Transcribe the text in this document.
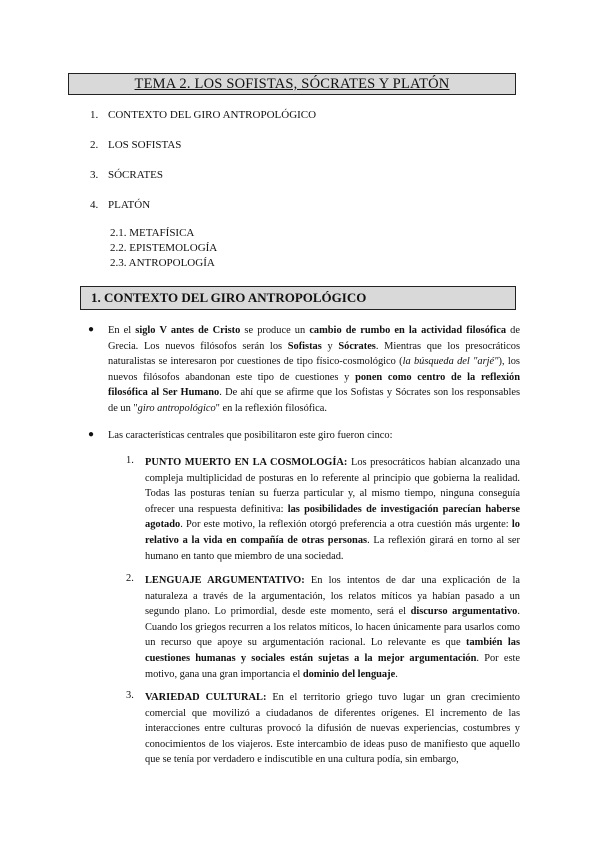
TEMA 2. LOS SOFISTAS, SÓCRATES Y PLATÓN
1. CONTEXTO DEL GIRO ANTROPOLÓGICO
2. LOS SOFISTAS
3. SÓCRATES
4. PLATÓN
2.1. METAFÍSICA
2.2. EPISTEMOLOGÍA
2.3. ANTROPOLOGÍA
1. CONTEXTO DEL GIRO ANTROPOLÓGICO
● En el siglo V antes de Cristo se produce un cambio de rumbo en la actividad filosófica de Grecia. Los nuevos filósofos serán los Sofistas y Sócrates. Mientras que los presocráticos naturalistas se interesaron por cuestiones de tipo físico-cosmológico (la búsqueda del "arjé"), los nuevos filósofos abandonan este tipo de cuestiones y ponen como centro de la reflexión filosófica al Ser Humano. De ahí que se afirme que los Sofistas y Sócrates son los responsables de un "giro antropológico" en la reflexión filosófica.
● Las características centrales que posibilitaron este giro fueron cinco:
1. PUNTO MUERTO EN LA COSMOLOGÍA: Los presocráticos habían alcanzado una compleja multiplicidad de posturas en lo referente al principio que gobierna la realidad. Todas las posturas tenían su fuerza particular y, al mismo tiempo, ninguna conseguía ofrecer una respuesta definitiva: las posibilidades de investigación parecían haberse agotado. Por este motivo, la reflexión otorgó preferencia a otra cuestión más urgente: lo relativo a la vida en compañía de otras personas. La reflexión girará en torno al ser humano en tanto que miembro de una sociedad.
2. LENGUAJE ARGUMENTATIVO: En los intentos de dar una explicación de la naturaleza a través de la argumentación, los relatos míticos ya habían pasado a un segundo plano. Lo primordial, desde este momento, será el discurso argumentativo. Cuando los griegos recurren a los relatos míticos, lo hacen únicamente para usarlos como un recurso que apoye su argumentación racional. Lo relevante es que también las cuestiones humanas y sociales están sujetas a la mejor argumentación. Por este motivo, gana una gran importancia el dominio del lenguaje.
3. VARIEDAD CULTURAL: En el territorio griego tuvo lugar un gran crecimiento comercial que movilizó a ciudadanos de diferentes orígenes. El incremento de las interacciones entre culturas provocó la difusión de nuevas experiencias, costumbres y conocimientos de los viajeros. Este intercambio de ideas puso de manifiesto que aquello que se tenía por verdadero e indiscutible en una cultura podía, sin embargo,
